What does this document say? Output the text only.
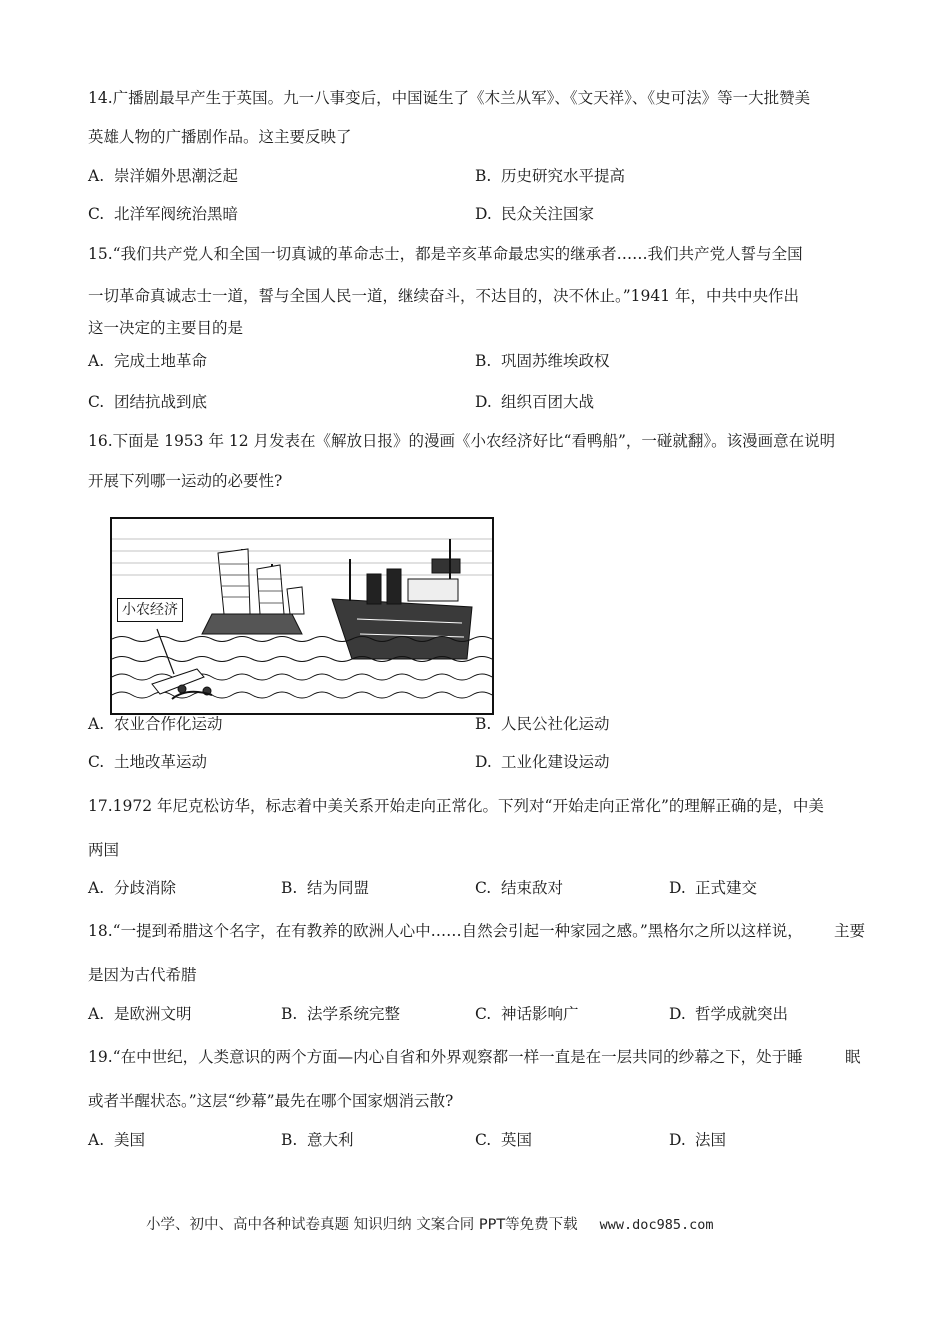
14.广播剧最早产生于英国。九一八事变后，中国诞生了《木兰从军》、《文天祥》、《史可法》等一大批赞美
英雄人物的广播剧作品。这主要反映了
A. 崇洋媚外思潮泛起	B. 历史研究水平提高
C. 北洋军阀统治黑暗	D. 民众关注国家
15.“我们共产党人和全国一切真诚的革命志士，都是辛亥革命最忠实的继承者……我们共产党人誓与全国
一切革命真诚志士一道，誓与全国人民一道，继续奋斗，不达目的，决不休止。”1941 年，中共中央作出
这一决定的主要目的是
A. 完成土地革命	B. 巩固苏维埃政权
C. 团结抗战到底	D. 组织百团大战
16.下面是 1953 年 12 月发表在《解放日报》的漫画《小农经济好比“看鸭船”，一碰就翻》。该漫画意在说明
开展下列哪一运动的必要性?
小农经济
A. 农业合作化运动	B. 人民公社化运动
C. 土地改革运动	D. 工业化建设运动
17.1972 年尼克松访华，标志着中美关系开始走向正常化。下列对“开始走向正常化”的理解正确的是，中美
两国
A. 分歧消除	B. 结为同盟	C. 结束敌对	D. 正式建交
18.“一提到希腊这个名字，在有教养的欧洲人心中……自然会引起一种家园之感。”黑格尔之所以这样说， 主要
是因为古代希腊
A. 是欧洲文明	B. 法学系统完整	C. 神话影响广	D. 哲学成就突出
19.“在中世纪，人类意识的两个方面—内心自省和外界观察都一样一直是在一层共同的纱幕之下，处于睡	眠
或者半醒状态。”这层“纱幕”最先在哪个国家烟消云散?
A. 美国	B. 意大利	C. 英国	D. 法国
小学、初中、高中各种试卷真题 知识归纳 文案合同 PPT等免费下载 www.doc985.com
